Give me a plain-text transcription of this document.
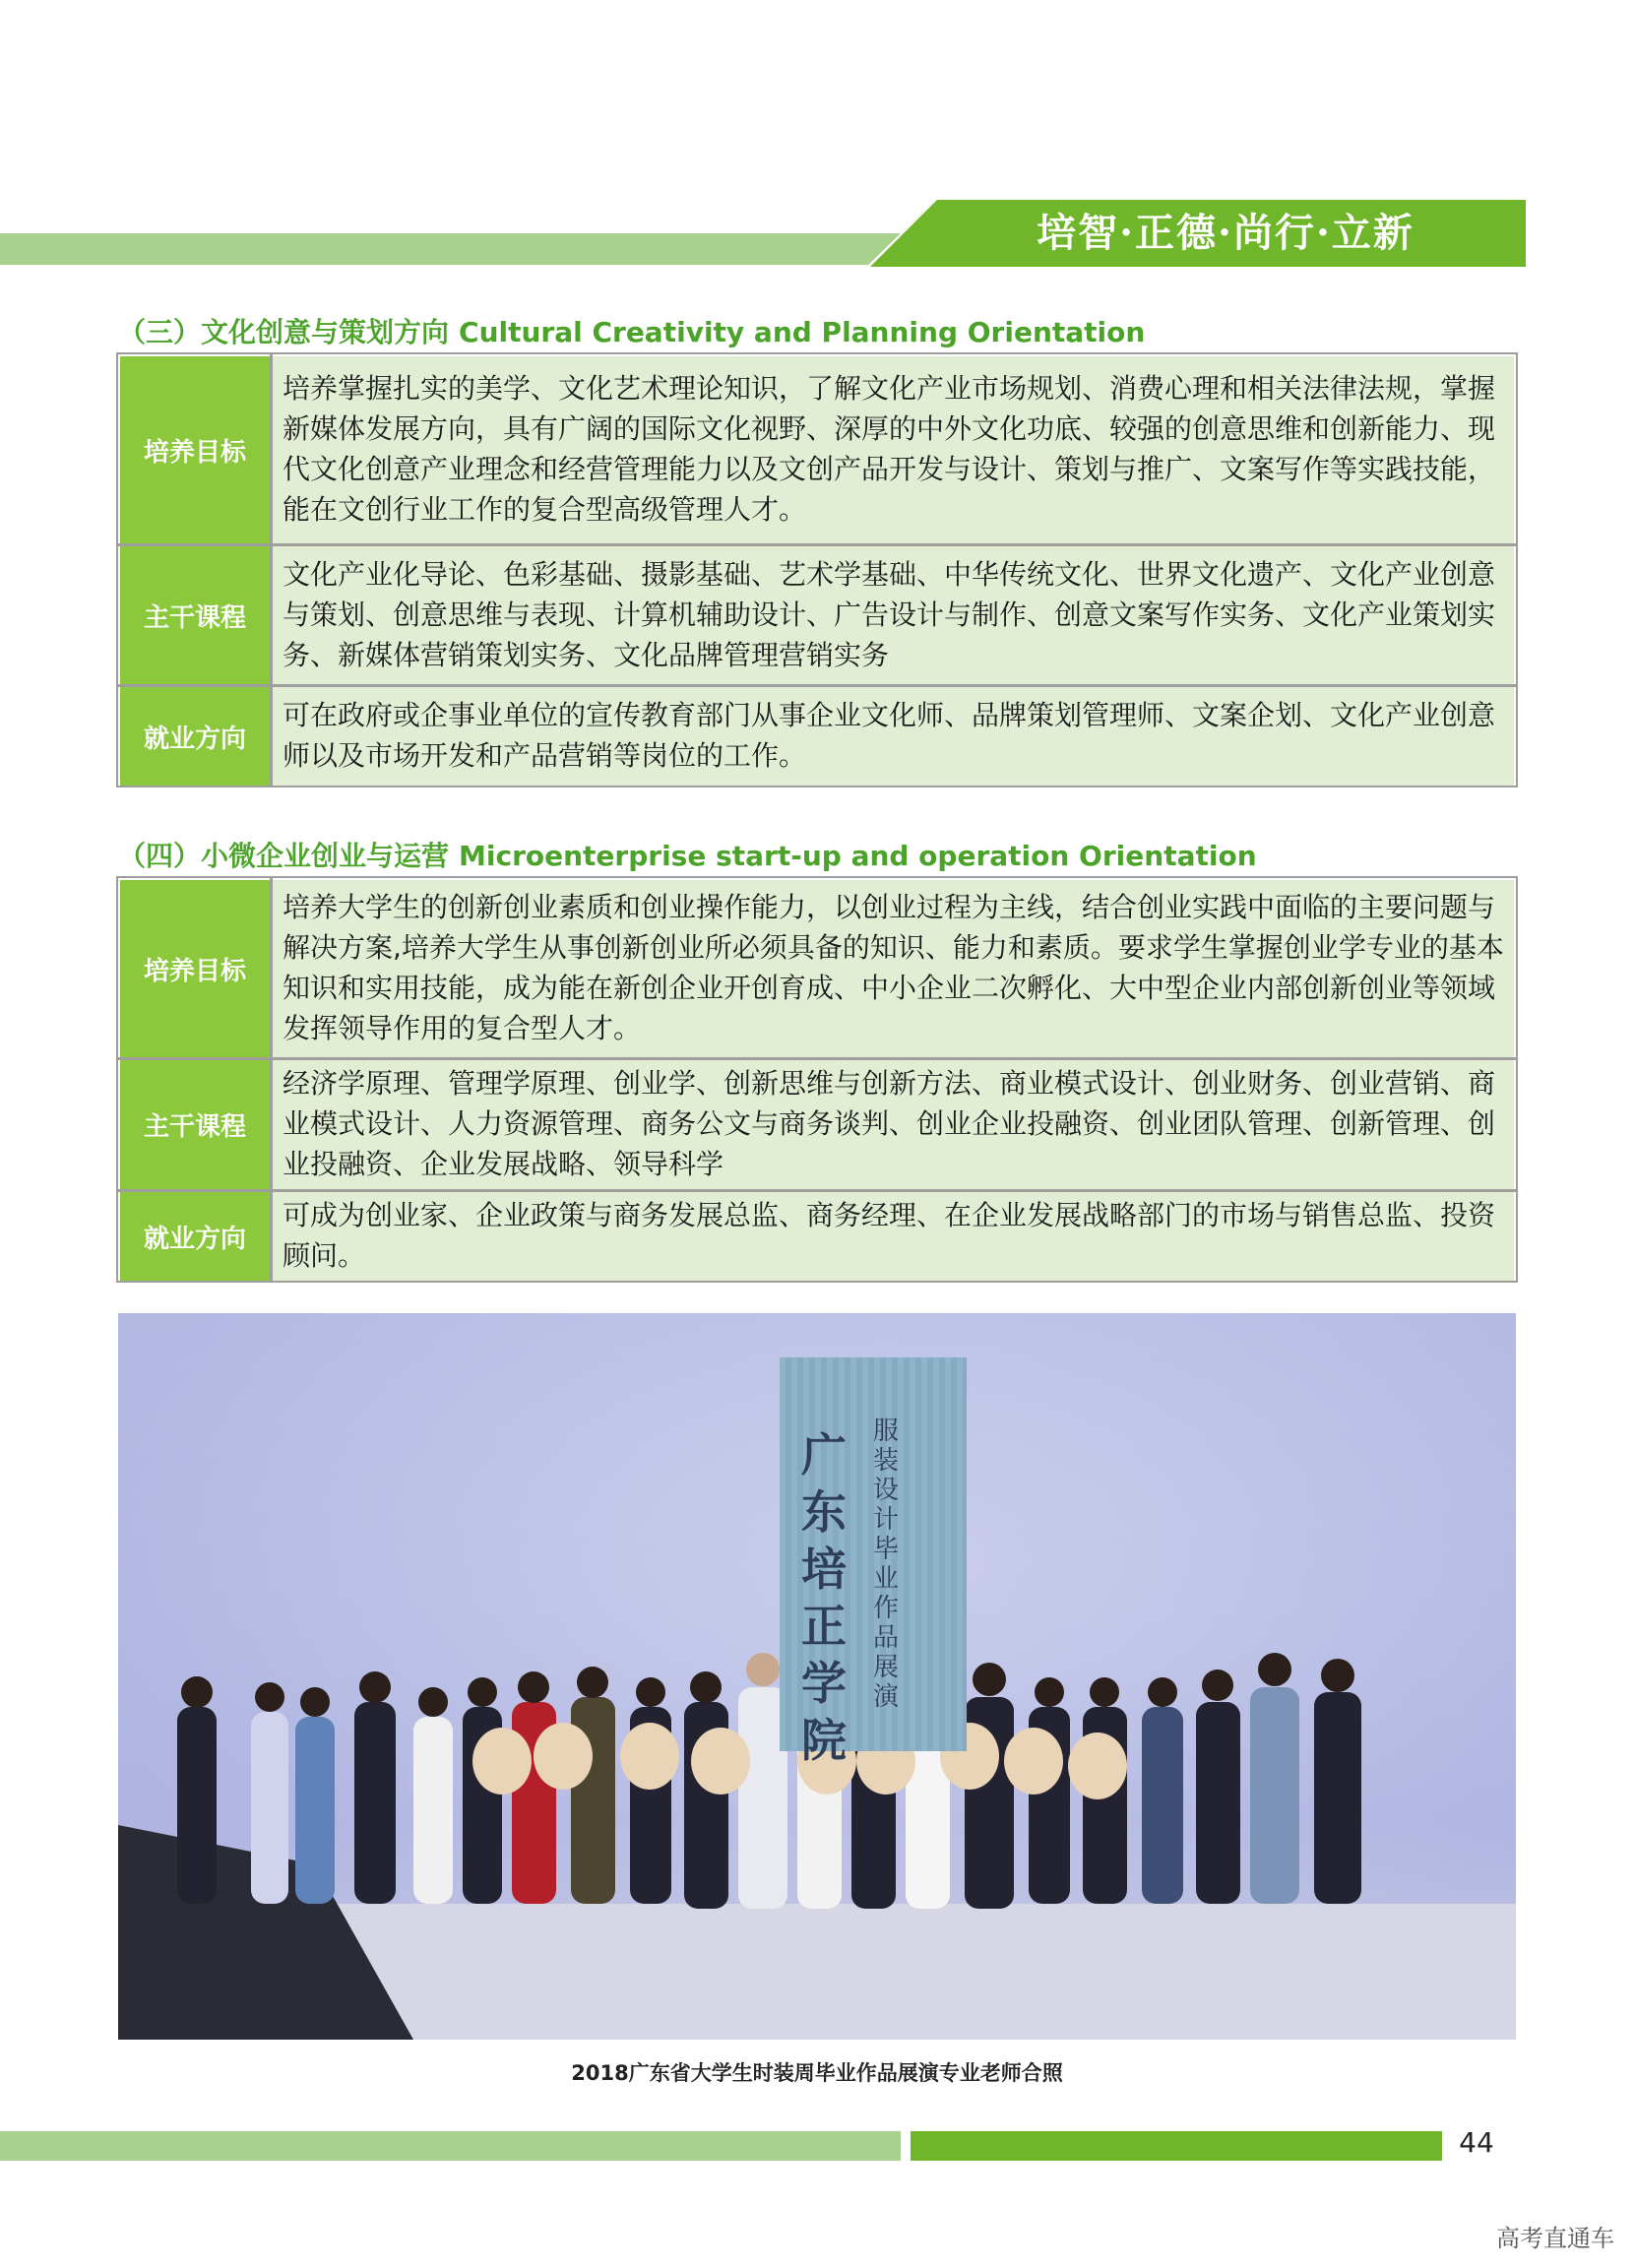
培智·正德·尚行·立新
（三）文化创意与策划方向 Cultural Creativity and Planning Orientation
培养目标	培养掌握扎实的美学、文化艺术理论知识，了解文化产业市场规划、消费心理和相关法律法规，掌握新媒体发展方向，具有广阔的国际文化视野、深厚的中外文化功底、较强的创意思维和创新能力、现代文化创意产业理念和经营管理能力以及文创产品开发与设计、策划与推广、文案写作等实践技能，能在文创行业工作的复合型高级管理人才。
主干课程	文化产业化导论、色彩基础、摄影基础、艺术学基础、中华传统文化、世界文化遗产、文化产业创意与策划、创意思维与表现、计算机辅助设计、广告设计与制作、创意文案写作实务、文化产业策划实务、新媒体营销策划实务、文化品牌管理营销实务
就业方向	可在政府或企事业单位的宣传教育部门从事企业文化师、品牌策划管理师、文案企划、文化产业创意师以及市场开发和产品营销等岗位的工作。
（四）小微企业创业与运营 Microenterprise start-up and operation Orientation
培养目标	培养大学生的创新创业素质和创业操作能力，以创业过程为主线，结合创业实践中面临的主要问题与解决方案,培养大学生从事创新创业所必须具备的知识、能力和素质。要求学生掌握创业学专业的基本知识和实用技能，成为能在新创企业开创育成、中小企业二次孵化、大中型企业内部创新创业等领域发挥领导作用的复合型人才。
主干课程	经济学原理、管理学原理、创业学、创新思维与创新方法、商业模式设计、创业财务、创业营销、商业模式设计、人力资源管理、商务公文与商务谈判、创业企业投融资、创业团队管理、创新管理、创业投融资、企业发展战略、领导科学
就业方向	可成为创业家、企业政策与商务发展总监、商务经理、在企业发展战略部门的市场与销售总监、投资顾问。
广东培正学院
服装设计毕业作品展演
2018广东省大学生时装周毕业作品展演专业老师合照
44
高考直通车
